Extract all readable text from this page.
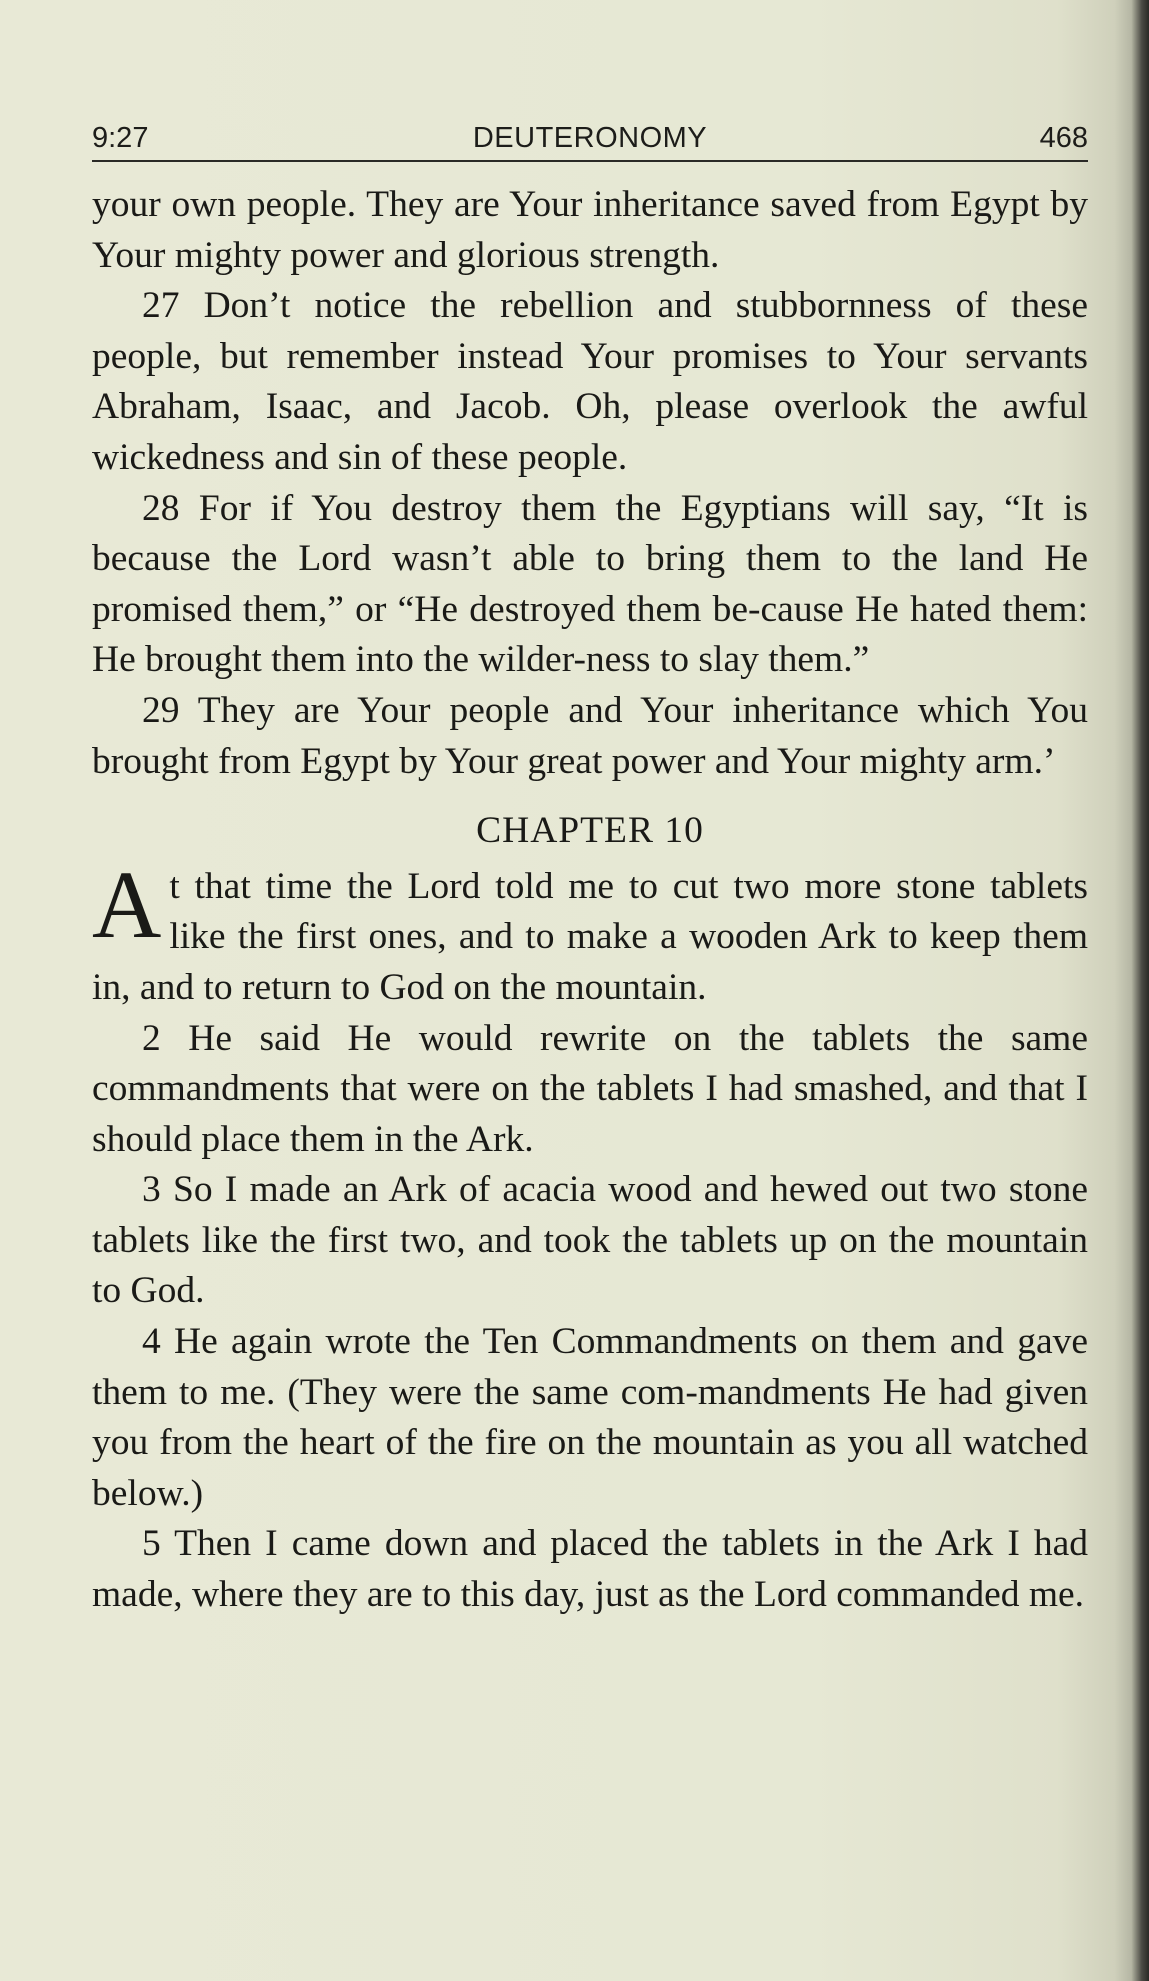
9:27	DEUTERONOMY	468

your own people. They are Your inheritance saved from Egypt by Your mighty power and glorious strength.

27 Don’t notice the rebellion and stubbornness of these people, but remember instead Your promises to Your servants Abraham, Isaac, and Jacob. Oh, please overlook the awful wickedness and sin of these people.

28 For if You destroy them the Egyptians will say, “It is because the Lord wasn’t able to bring them to the land He promised them,” or “He destroyed them be-cause He hated them: He brought them into the wilder-ness to slay them.”

29 They are Your people and Your inheritance which You brought from Egypt by Your great power and Your mighty arm.’

CHAPTER 10

At that time the Lord told me to cut two more stone tablets like the first ones, and to make a wooden Ark to keep them in, and to return to God on the mountain.

2 He said He would rewrite on the tablets the same commandments that were on the tablets I had smashed, and that I should place them in the Ark.

3 So I made an Ark of acacia wood and hewed out two stone tablets like the first two, and took the tablets up on the mountain to God.

4 He again wrote the Ten Commandments on them and gave them to me. (They were the same com-mandments He had given you from the heart of the fire on the mountain as you all watched below.)

5 Then I came down and placed the tablets in the Ark I had made, where they are to this day, just as the Lord commanded me.
